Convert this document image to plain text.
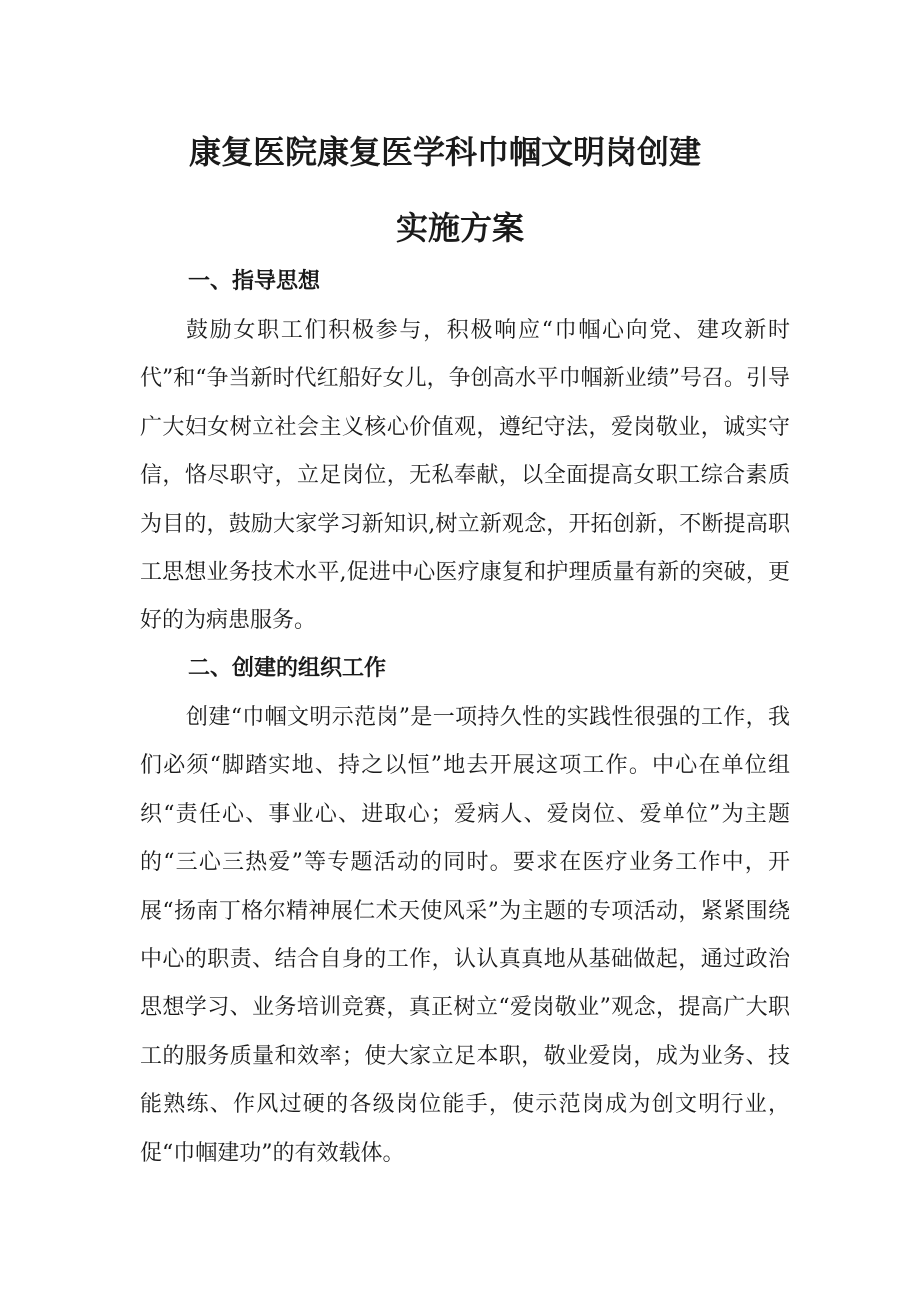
康复医院康复医学科巾帼文明岗创建
实施方案
一、指导思想

鼓励女职工们积极参与，积极响应“巾帼心向党、建攻新时代”和“争当新时代红船好女儿，争创高水平巾帼新业绩”号召。引导广大妇女树立社会主义核心价值观，遵纪守法，爱岗敬业，诚实守信，恪尽职守，立足岗位，无私奉献，以全面提高女职工综合素质为目的，鼓励大家学习新知识,树立新观念，开拓创新，不断提高职工思想业务技术水平,促进中心医疗康复和护理质量有新的突破，更好的为病患服务。

二、创建的组织工作

创建“巾帼文明示范岗”是一项持久性的实践性很强的工作，我们必须“脚踏实地、持之以恒”地去开展这项工作。中心在单位组织“责任心、事业心、进取心；爱病人、爱岗位、爱单位”为主题的“三心三热爱”等专题活动的同时。要求在医疗业务工作中，开展“扬南丁格尔精神展仁术天使风采”为主题的专项活动，紧紧围绕中心的职责、结合自身的工作，认认真真地从基础做起，通过政治思想学习、业务培训竞赛，真正树立“爱岗敬业”观念，提高广大职工的服务质量和效率；使大家立足本职，敬业爱岗，成为业务、技能熟练、作风过硬的各级岗位能手，使示范岗成为创文明行业，促“巾帼建功”的有效载体。
